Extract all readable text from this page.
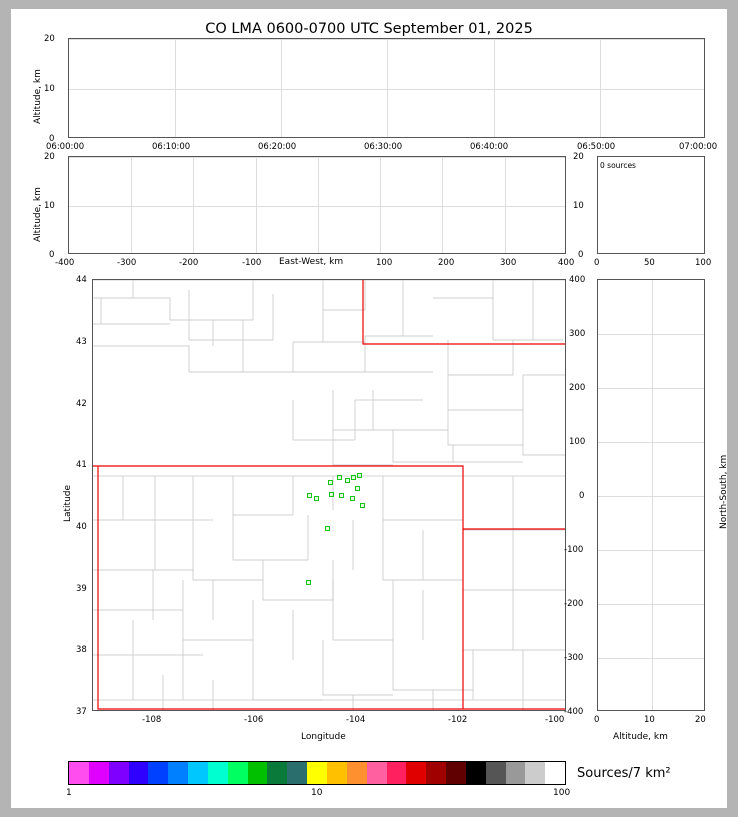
CO LMA 0600-0700 UTC September 01, 2025
0
10
20
Altitude, km
06:00:00	06:10:00	06:20:00	06:30:00	06:40:00	06:50:00	07:00:00
0
10
20
Altitude, km
-400	-300	-200	-100	100	200	300	400
East-West, km
0 sources
0
10
20
0	50	100
37
38
39
40
41
42
43
44
Latitude
-108	-106	-104	-102	-100
Longitude
400
300
200
100
0
-100
-200
-300
-400
North-South, km
0	10	20
Altitude, km
Sources/7 km²
1	10	100
